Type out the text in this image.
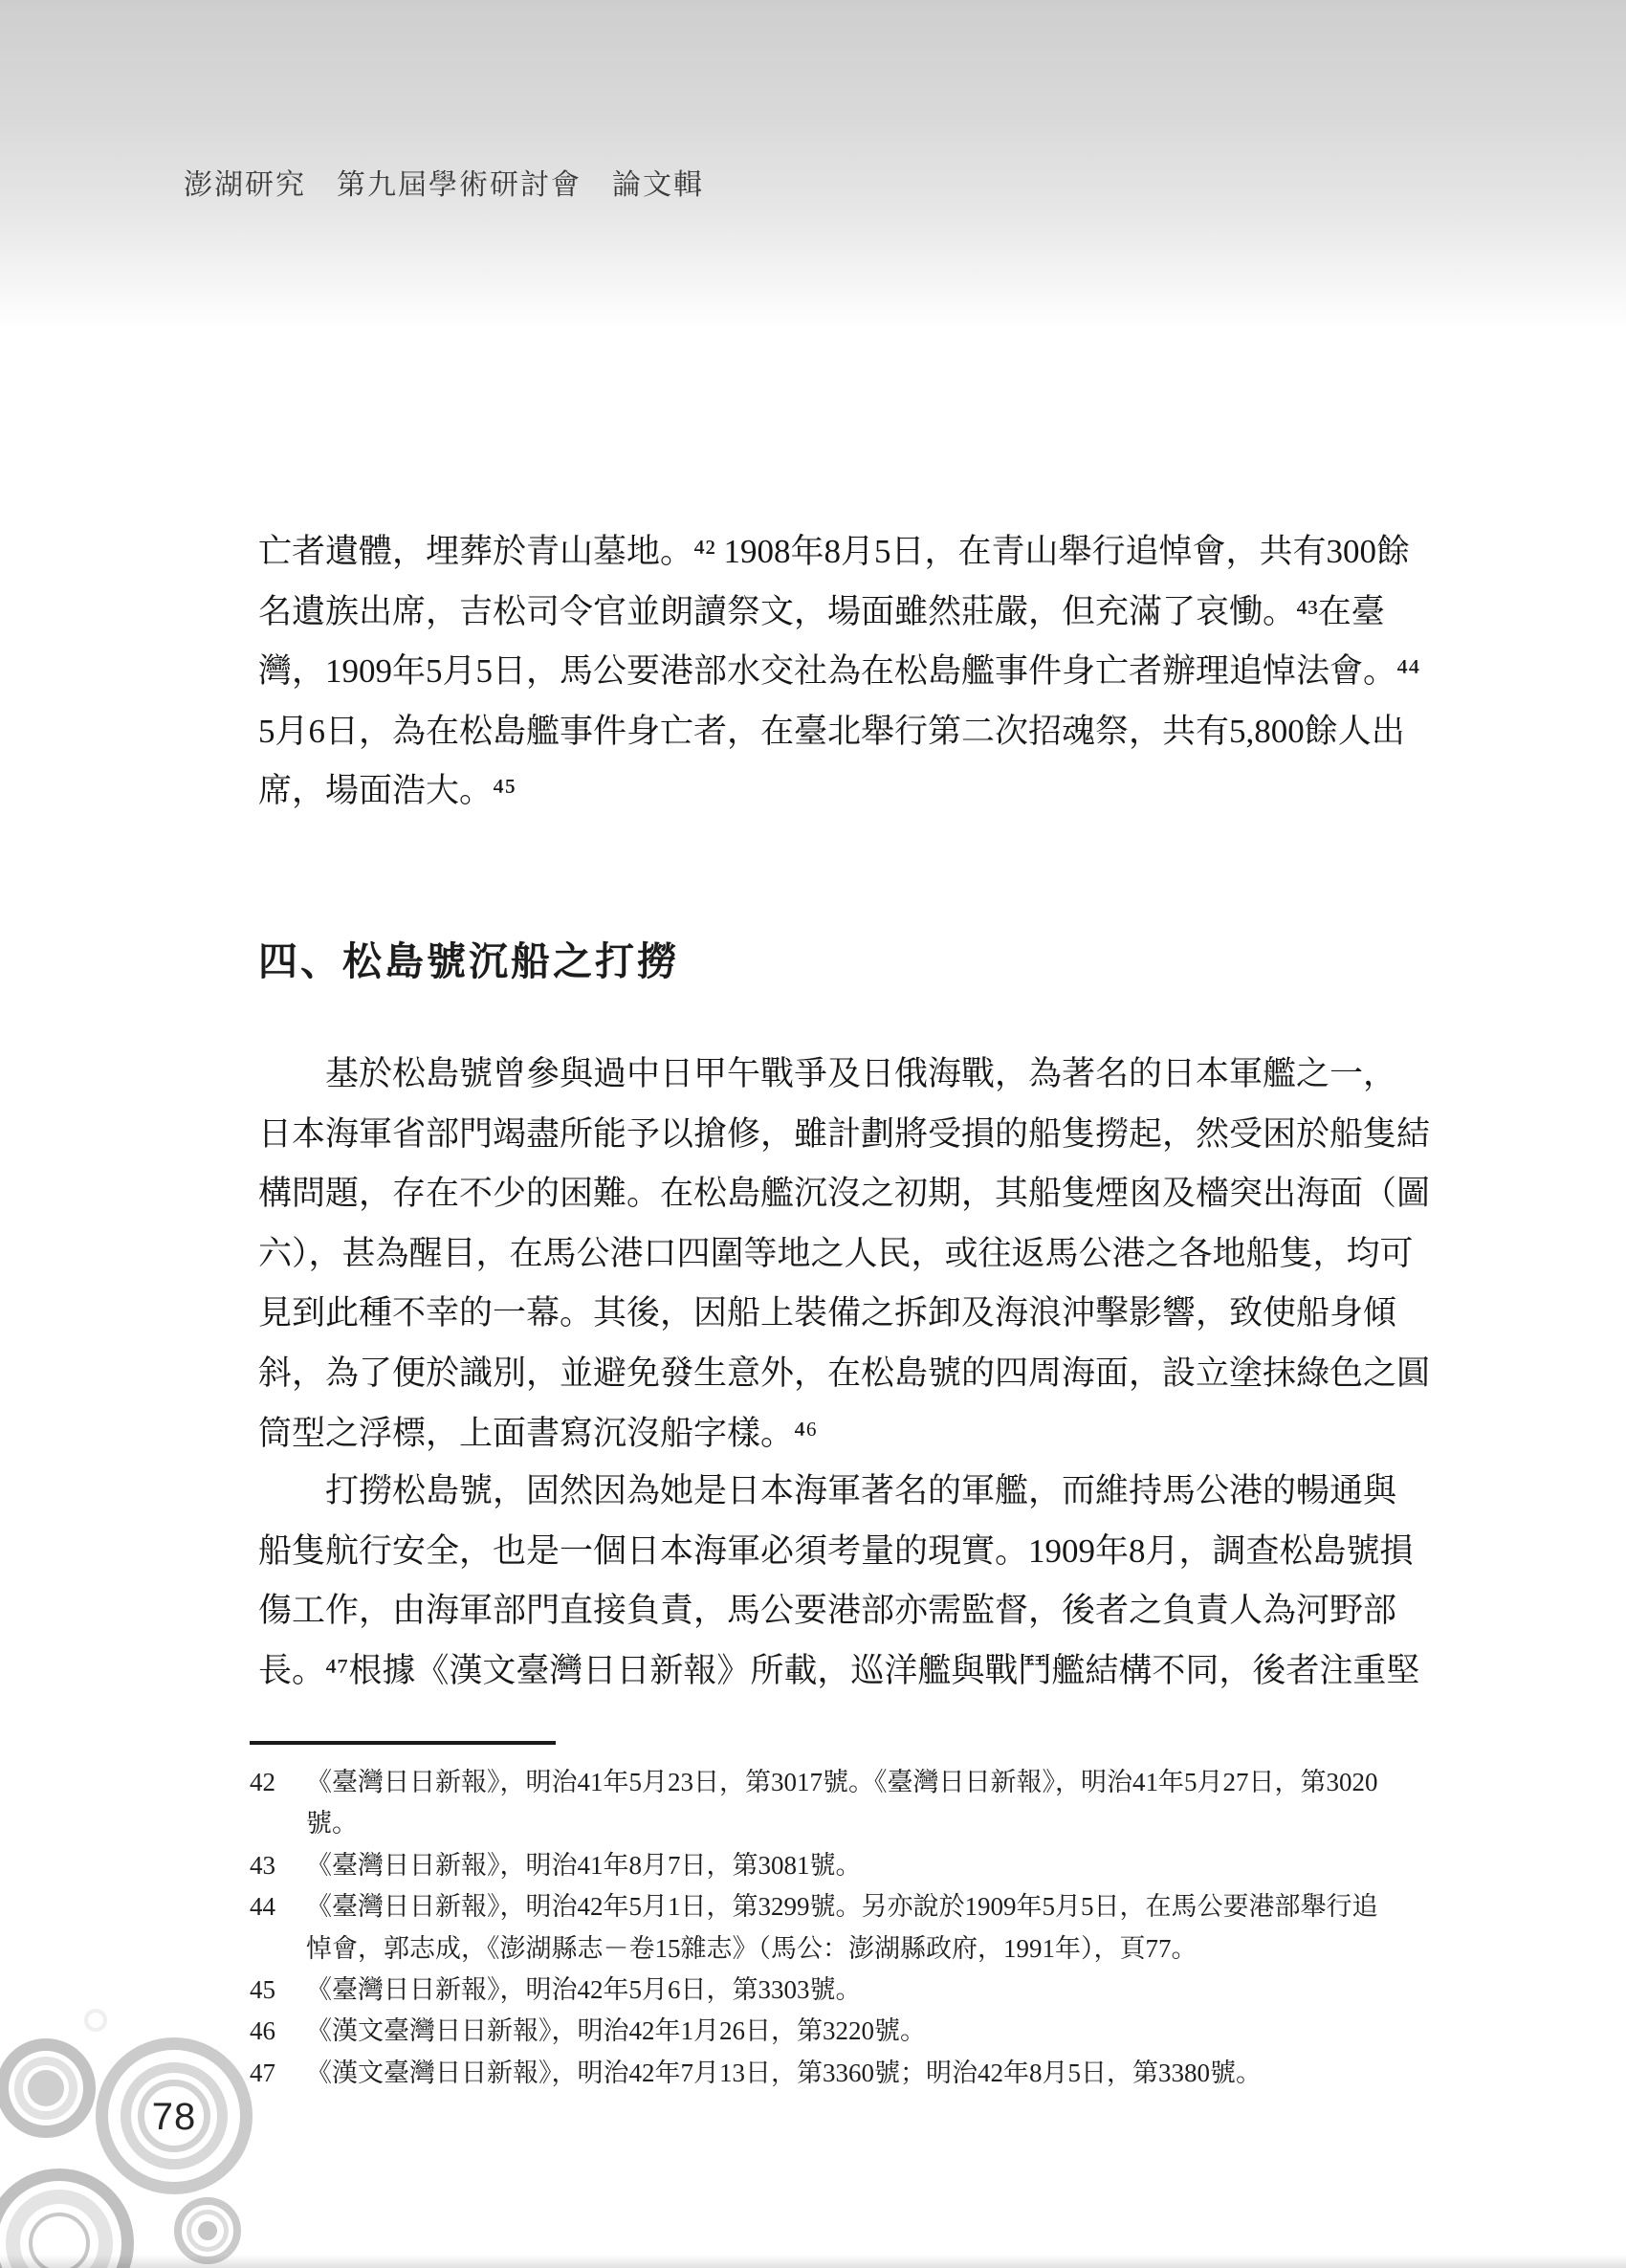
澎湖研究　第九屆學術研討會　論文輯
亡者遺體，埋葬於青山墓地。⁴² 1908年8月5日，在青山舉行追悼會，共有300餘
名遺族出席，吉松司令官並朗讀祭文，場面雖然莊嚴，但充滿了哀慟。⁴³在臺
灣，1909年5月5日，馬公要港部水交社為在松島艦事件身亡者辦理追悼法會。⁴⁴
5月6日，為在松島艦事件身亡者，在臺北舉行第二次招魂祭，共有5,800餘人出
席，場面浩大。⁴⁵
四、松島號沉船之打撈
基於松島號曾參與過中日甲午戰爭及日俄海戰，為著名的日本軍艦之一，
日本海軍省部門竭盡所能予以搶修，雖計劃將受損的船隻撈起，然受困於船隻結
構問題，存在不少的困難。在松島艦沉沒之初期，其船隻煙囪及檣突出海面（圖
六），甚為醒目，在馬公港口四圍等地之人民，或往返馬公港之各地船隻，均可
見到此種不幸的一幕。其後，因船上裝備之拆卸及海浪沖擊影響，致使船身傾
斜，為了便於識別，並避免發生意外，在松島號的四周海面，設立塗抹綠色之圓
筒型之浮標，上面書寫沉沒船字樣。⁴⁶
打撈松島號，固然因為她是日本海軍著名的軍艦，而維持馬公港的暢通與
船隻航行安全，也是一個日本海軍必須考量的現實。1909年8月，調查松島號損
傷工作，由海軍部門直接負責，馬公要港部亦需監督，後者之負責人為河野部
長。⁴⁷根據《漢文臺灣日日新報》所載，巡洋艦與戰鬥艦結構不同，後者注重堅
42	《臺灣日日新報》，明治41年5月23日，第3017號。《臺灣日日新報》，明治41年5月27日，第3020號。
43	《臺灣日日新報》，明治41年8月7日，第3081號。
44	《臺灣日日新報》，明治42年5月1日，第3299號。另亦說於1909年5月5日，在馬公要港部舉行追悼會，郭志成，《澎湖縣志－卷15雜志》（馬公：澎湖縣政府，1991年），頁77。
45	《臺灣日日新報》，明治42年5月6日，第3303號。
46	《漢文臺灣日日新報》，明治42年1月26日，第3220號。
47	《漢文臺灣日日新報》，明治42年7月13日，第3360號；明治42年8月5日，第3380號。
78
